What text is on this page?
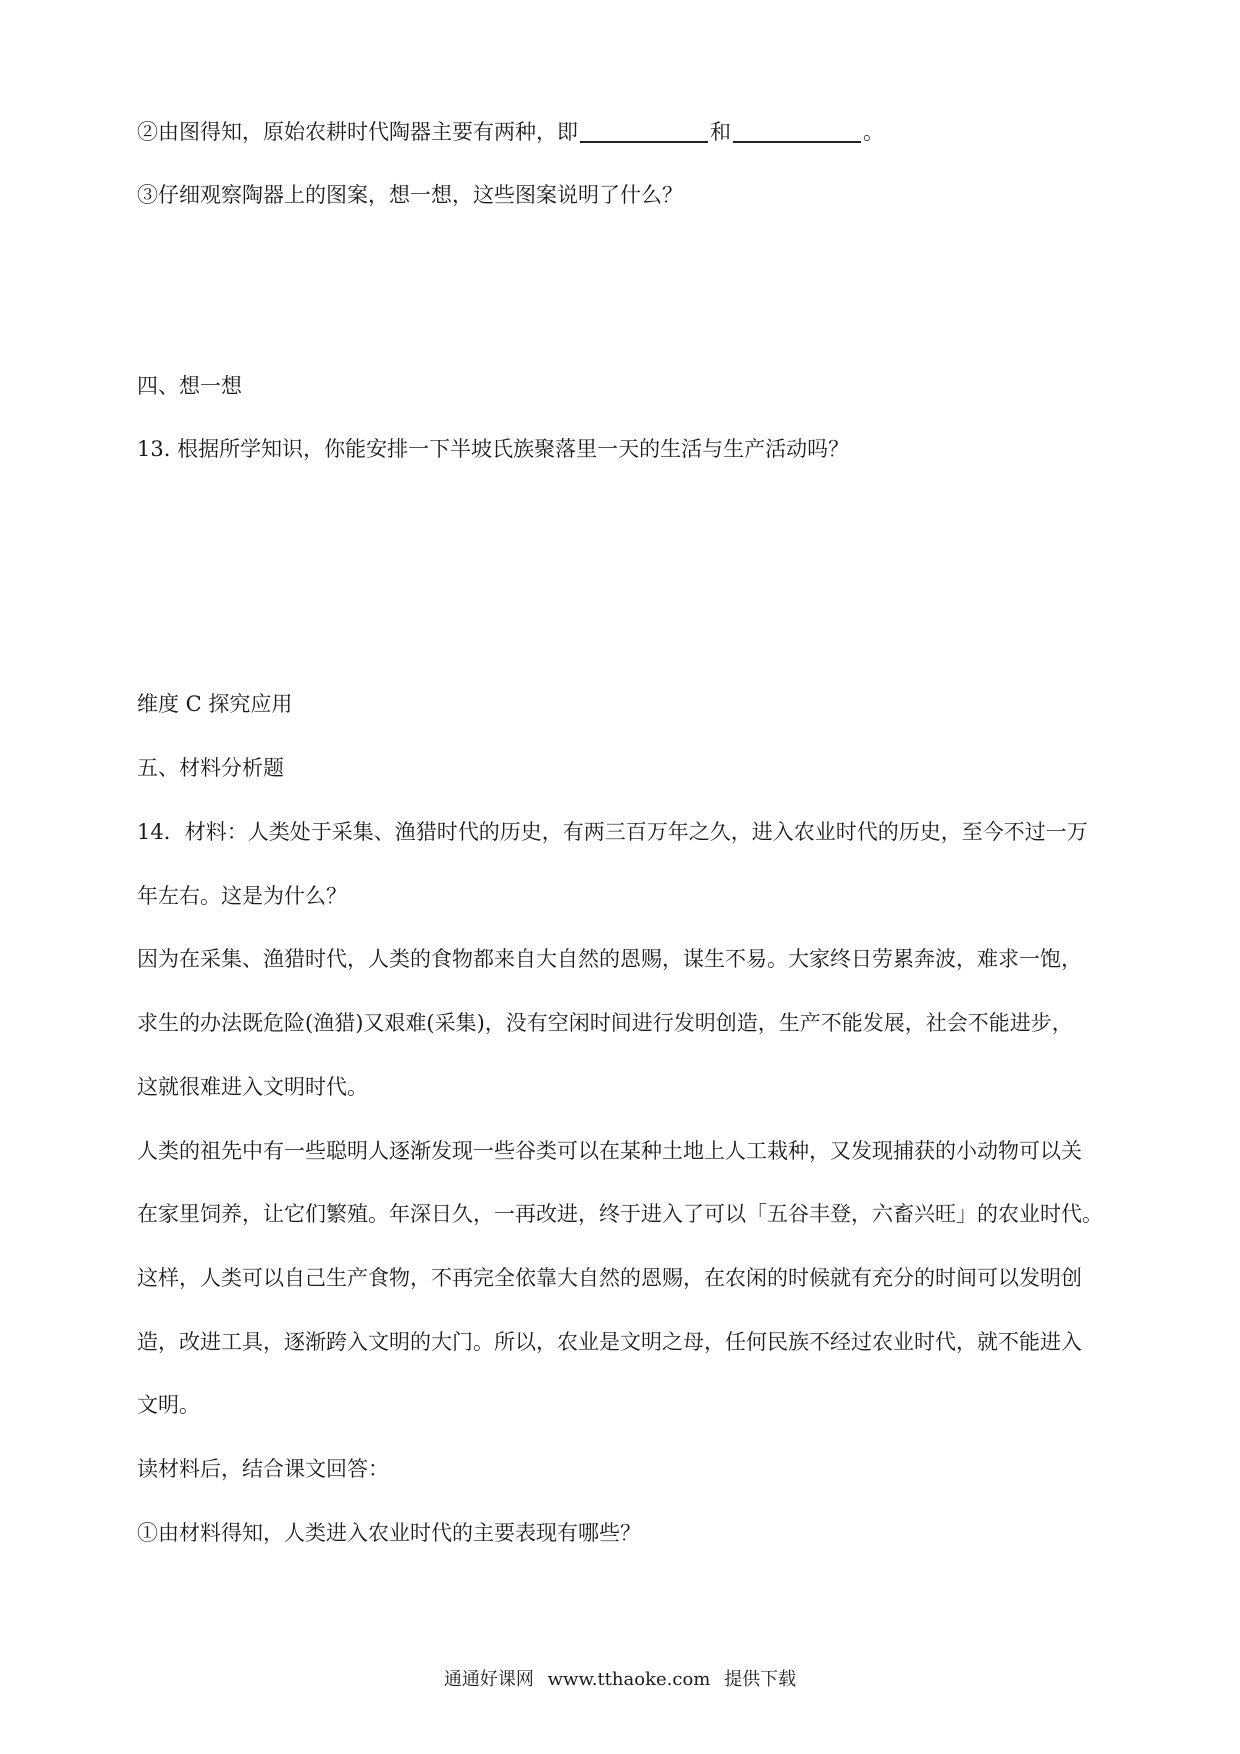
②由图得知，原始农耕时代陶器主要有两种，即	和	。
③仔细观察陶器上的图案，想一想，这些图案说明了什么？
四、想一想
13. 根据所学知识，你能安排一下半坡氏族聚落里一天的生活与生产活动吗？
维度 C 探究应用
五、材料分析题
14．材料：人类处于采集、渔猎时代的历史，有两三百万年之久，进入农业时代的历史，至今不过一万
年左右。这是为什么？
因为在采集、渔猎时代，人类的食物都来自大自然的恩赐，谋生不易。大家终日劳累奔波，难求一饱，
求生的办法既危险(渔猎)又艰难(采集)，没有空闲时间进行发明创造，生产不能发展，社会不能进步，
这就很难进入文明时代。
人类的祖先中有一些聪明人逐渐发现一些谷类可以在某种土地上人工栽种，又发现捕获的小动物可以关
在家里饲养，让它们繁殖。年深日久，一再改进，终于进入了可以「五谷丰登，六畜兴旺」的农业时代。
这样，人类可以自己生产食物，不再完全依靠大自然的恩赐，在农闲的时候就有充分的时间可以发明创
造，改进工具，逐渐跨入文明的大门。所以，农业是文明之母，任何民族不经过农业时代，就不能进入
文明。
读材料后，结合课文回答：
①由材料得知，人类进入农业时代的主要表现有哪些？
通通好课网 www.tthaoke.com 提供下载
